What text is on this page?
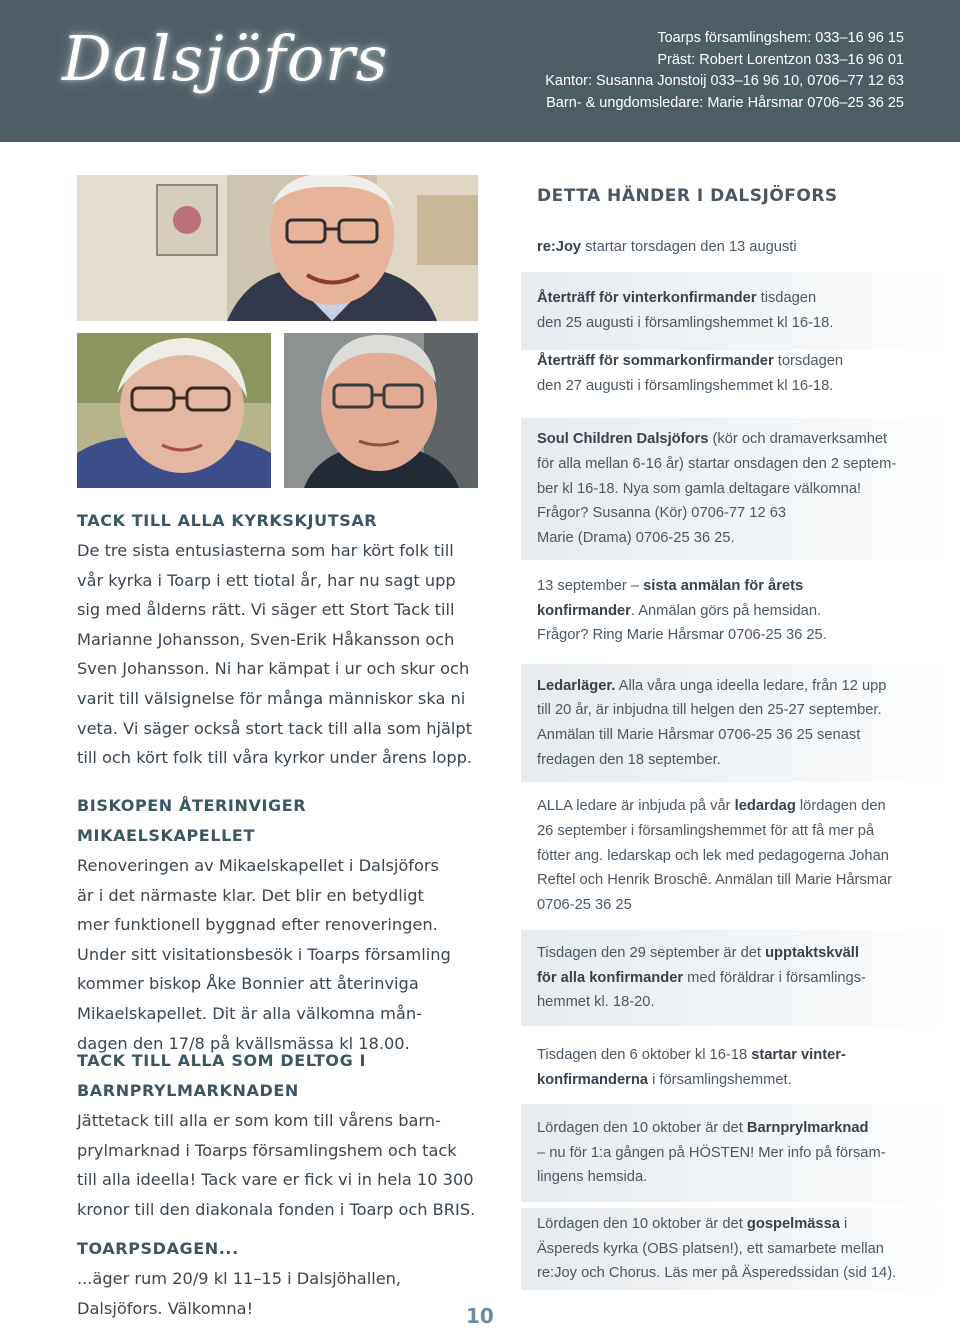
Dalsjöfors	Toarps församlingshem: 033–16 96 15
Präst: Robert Lorentzon 033–16 96 01
Kantor: Susanna Jonstoij 033–16 96 10, 0706–77 12 63
Barn- & ungdomsledare: Marie Hårsmar 0706–25 36 25
TACK TILL ALLA KYRKSKJUTSAR

De tre sista entusiasterna som har kört folk till
vår kyrka i Toarp i ett tiotal år, har nu sagt upp
sig med ålderns rätt. Vi säger ett Stort Tack till
Marianne Johansson, Sven-Erik Håkansson och
Sven Johansson. Ni har kämpat i ur och skur och
varit till välsignelse för många människor ska ni
veta. Vi säger också stort tack till alla som hjälpt
till och kört folk till våra kyrkor under årens lopp.

BISKOPEN ÅTERINVIGER MIKAELSKAPELLET

Renoveringen av Mikaelskapellet i Dalsjöfors
är i det närmaste klar. Det blir en betydligt
mer funktionell byggnad efter renoveringen.
Under sitt visitationsbesök i Toarps församling
kommer biskop Åke Bonnier att återinviga
Mikaelskapellet. Dit är alla välkomna mån-
dagen den 17/8 på kvällsmässa kl 18.00.

TACK TILL ALLA SOM DELTOG I
BARNPRYLMARKNADEN

Jättetack till alla er som kom till vårens barn-
prylmarknad i Toarps församlingshem och tack
till alla ideella! Tack vare er fick vi in hela 10 300
kronor till den diakonala fonden i Toarp och BRIS.

TOARPSDAGEN...

...äger rum 20/9 kl 11–15 i Dalsjöhallen,
Dalsjöfors. Välkomna!

DETTA HÄNDER I DALSJÖFORS
re:Joy startar torsdagen den 13 augusti
Återträff för vinterkonfirmander tisdagen
den 25 augusti i församlingshemmet kl 16-18.
Återträff för sommarkonfirmander torsdagen
den 27 augusti i församlingshemmet kl 16-18.
Soul Children Dalsjöfors (kör och dramaverksamhet
för alla mellan 6-16 år) startar onsdagen den 2 septem-
ber kl 16-18. Nya som gamla deltagare välkomna!
Frågor? Susanna (Kör) 0706-77 12 63
Marie (Drama) 0706-25 36 25.
13 september – sista anmälan för årets
konfirmander. Anmälan görs på hemsidan.
Frågor? Ring Marie Hårsmar 0706-25 36 25.
Ledarläger. Alla våra unga ideella ledare, från 12 upp
till 20 år, är inbjudna till helgen den 25-27 september.
Anmälan till Marie Hårsmar 0706-25 36 25 senast
fredagen den 18 september.
ALLA ledare är inbjuda på vår ledardag lördagen den
26 september i församlingshemmet för att få mer på
fötter ang. ledarskap och lek med pedagogerna Johan
Reftel och Henrik Broschê. Anmälan till Marie Hårsmar
0706-25 36 25
Tisdagen den 29 september är det upptaktskväll
för alla konfirmander med föräldrar i församlings-
hemmet kl. 18-20.
Tisdagen den 6 oktober kl 16-18 startar vinter-
konfirmanderna i församlingshemmet.
Lördagen den 10 oktober är det Barnprylmarknad
– nu för 1:a gången på HÖSTEN! Mer info på försam-
lingens hemsida.
Lördagen den 10 oktober är det gospelmässa i
Äspereds kyrka (OBS platsen!), ett samarbete mellan
re:Joy och Chorus. Läs mer på Äsperedssidan (sid 14).
10
